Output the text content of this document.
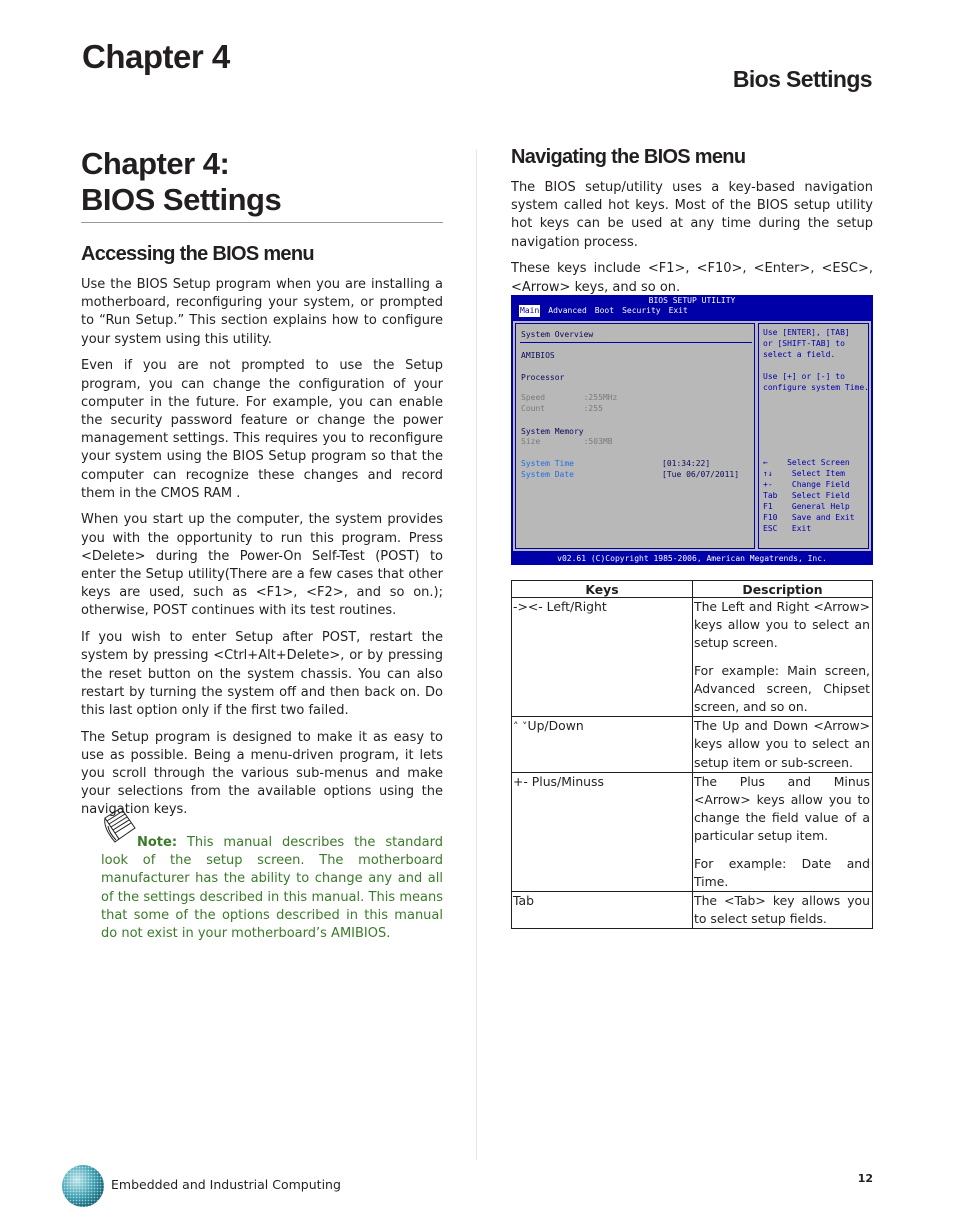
Chapter 4
Bios Settings
Chapter 4:
BIOS Settings
Accessing the BIOS menu

Use the BIOS Setup program when you are installing a motherboard, reconfiguring your system, or prompted to “Run Setup.” This section explains how to configure your system using this utility.

Even if you are not prompted to use the Setup program, you can change the configuration of your computer in the future. For example, you can enable the security password feature or change the power management settings. This requires you to reconfigure your system using the BIOS Setup program so that the computer can recognize these changes and record them in the CMOS RAM .

When you start up the computer, the system provides you with the opportunity to run this program. Press <Delete> during the Power-On Self-Test (POST) to enter the Setup utility(There are a few cases that other keys are used, such as <F1>, <F2>, and so on.); otherwise, POST continues with its test routines.

If you wish to enter Setup after POST, restart the system by pressing <Ctrl+Alt+Delete>, or by pressing the reset button on the system chassis. You can also restart by turning the system off and then back on. Do this last option only if the first two failed.

The Setup program is designed to make it as easy to use as possible. Being a menu-driven program, it lets you scroll through the various sub-menus and make your selections from the available options using the navigation keys.

Note: This manual describes the standard look of the setup screen. The motherboard manufacturer has the ability to change any and all of the settings described in this manual. This means that some of the options described in this manual do not exist in your motherboard’s AMIBIOS.

Navigating the BIOS menu

The BIOS setup/utility uses a key-based navigation system called hot keys. Most of the BIOS setup utility hot keys can be used at any time during the setup navigation process.

These keys include <F1>, <F10>, <Enter>, <ESC>, <Arrow> keys, and so on.

BIOS SETUP UTILITY
Main Advanced Boot Security Exit
System Overview
AMIBIOS
Processor
Speed        :255MHz
Count        :255
System Memory
Size         :503MB
System Time	[01:34:22]
System Date	[Tue 06/07/2011]
Use [ENTER], [TAB]
or [SHIFT-TAB] to
select a field.
Use [+] or [-] to
configure system Time.
←    Select Screen
↑↓    Select Item
+-    Change Field
Tab   Select Field
F1    General Help
F10   Save and Exit
ESC   Exit
v02.61 (C)Copyright 1985-2006, American Megatrends, Inc.
Keys	Description
-><- Left/Right	The Left and Right <Arrow> keys allow you to select an setup screen.

For example: Main screen, Advanced screen, Chipset screen, and so on.

˄ ˅Up/Down	The Up and Down <Arrow> keys allow you to select an setup item or sub-screen.

+- Plus/Minuss	The Plus and Minus <Arrow> keys allow you to change the field value of a particular setup item.

For example: Date and Time.

Tab	The <Tab> key allows you to select setup fields.

Embedded and Industrial Computing	12
